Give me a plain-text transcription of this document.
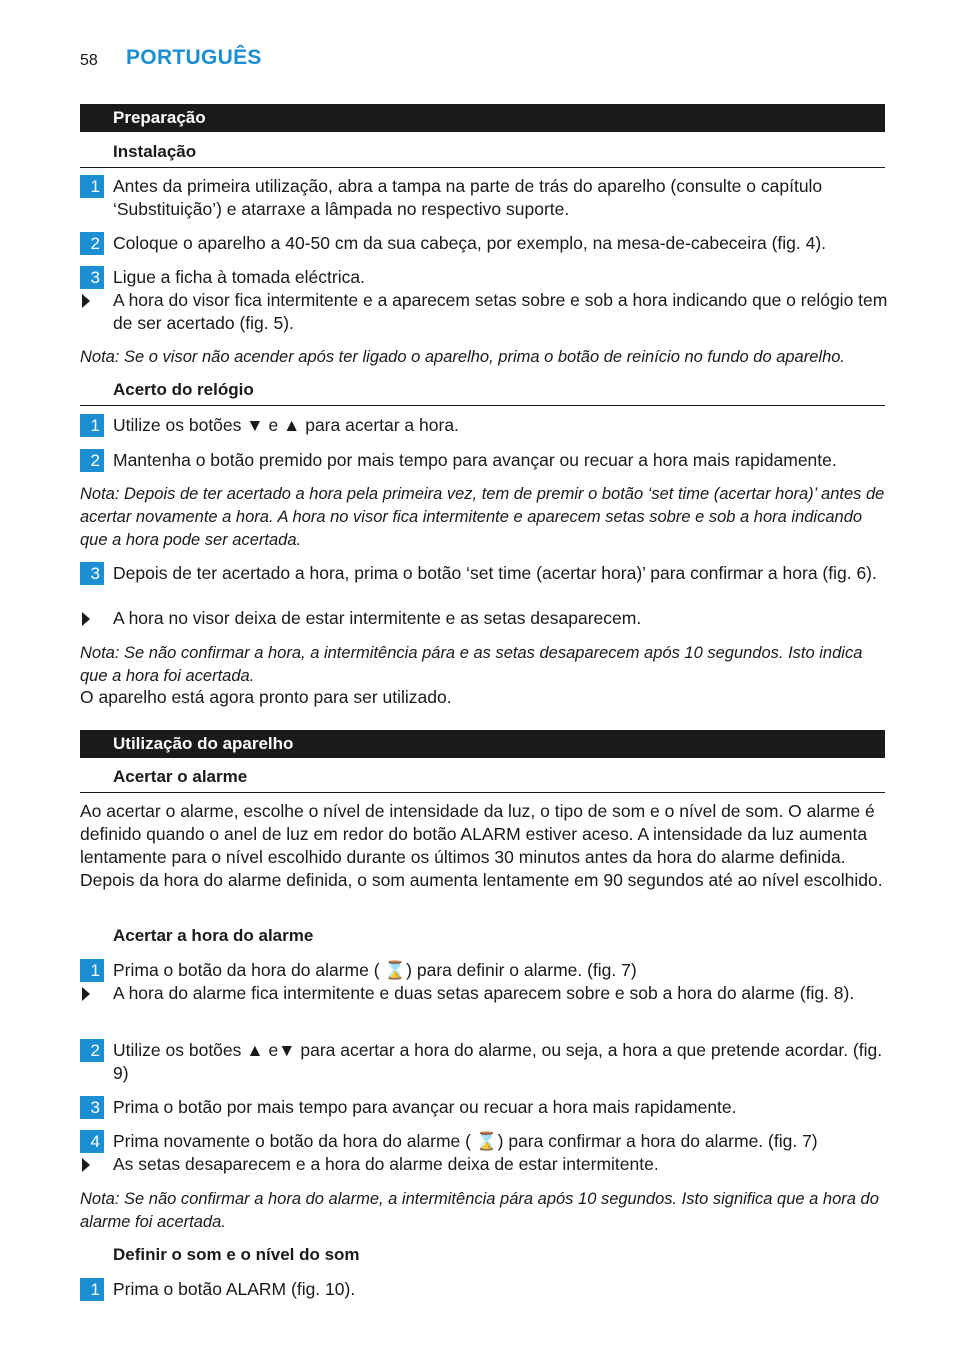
58 PORTUGUÊS
Preparação
Instalação
1 Antes da primeira utilização, abra a tampa na parte de trás do aparelho (consulte o capítulo ‘Substituição’) e atarraxe a lâmpada no respectivo suporte.
2 Coloque o aparelho a 40-50 cm da sua cabeça, por exemplo, na mesa-de-cabeceira (fig. 4).
3 Ligue a ficha à tomada eléctrica.
A hora do visor fica intermitente e a aparecem setas sobre e sob a hora indicando que o relógio tem de ser acertado (fig. 5).
Nota: Se o visor não acender após ter ligado o aparelho, prima o botão de reinício no fundo do aparelho.
Acerto do relógio
1 Utilize os botões ▼ e ▲ para acertar a hora.
2 Mantenha o botão premido por mais tempo para avançar ou recuar a hora mais rapidamente.
Nota: Depois de ter acertado a hora pela primeira vez, tem de premir o botão ‘set time (acertar hora)’ antes de acertar novamente a hora. A hora no visor fica intermitente e aparecem setas sobre e sob a hora indicando que a hora pode ser acertada.
3 Depois de ter acertado a hora, prima o botão ‘set time (acertar hora)’ para confirmar a hora (fig. 6).
A hora no visor deixa de estar intermitente e as setas desaparecem.
Nota: Se não confirmar a hora, a intermitência pára e as setas desaparecem após 10 segundos. Isto indica que a hora foi acertada.
O aparelho está agora pronto para ser utilizado.
Utilização do aparelho
Acertar o alarme
Ao acertar o alarme, escolhe o nível de intensidade da luz, o tipo de som e o nível de som. O alarme é definido quando o anel de luz em redor do botão ALARM estiver aceso. A intensidade da luz aumenta lentamente para o nível escolhido durante os últimos 30 minutos antes da hora do alarme definida. Depois da hora do alarme definida, o som aumenta lentamente em 90 segundos até ao nível escolhido.
Acertar a hora do alarme
1 Prima o botão da hora do alarme ( ⌛) para definir o alarme. (fig. 7)
A hora do alarme fica intermitente e duas setas aparecem sobre e sob a hora do alarme (fig. 8).
2 Utilize os botões ▲ e▼ para acertar a hora do alarme, ou seja, a hora a que pretende acordar. (fig. 9)
3 Prima o botão por mais tempo para avançar ou recuar a hora mais rapidamente.
4 Prima novamente o botão da hora do alarme ( ⌛) para confirmar a hora do alarme. (fig. 7)
As setas desaparecem e a hora do alarme deixa de estar intermitente.
Nota: Se não confirmar a hora do alarme, a intermitência pára após 10 segundos. Isto significa que a hora do alarme foi acertada.
Definir o som e o nível do som
1 Prima o botão ALARM (fig. 10).
